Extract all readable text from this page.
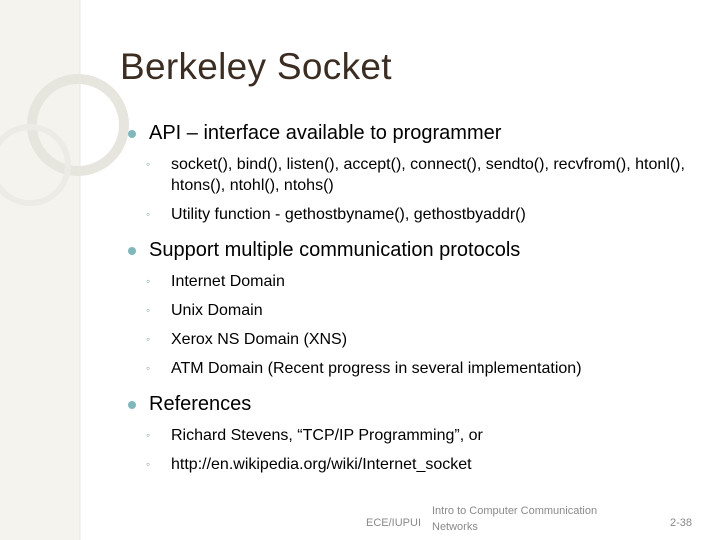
Berkeley Socket

API – interface available to programmer

◦ socket(), bind(), listen(), accept(), connect(), sendto(), recvfrom(), htonl(), htons(), ntohl(), ntohs()

◦ Utility function - gethostbyname(), gethostbyaddr()

Support multiple communication protocols

◦ Internet Domain

◦ Unix Domain

◦ Xerox NS Domain (XNS)

◦ ATM Domain (Recent progress in several implementation)

References

◦ Richard Stevens, “TCP/IP Programming”, or

◦ http://en.wikipedia.org/wiki/Internet_socket

ECE/IUPUI
Intro to Computer Communication Networks	2-38
